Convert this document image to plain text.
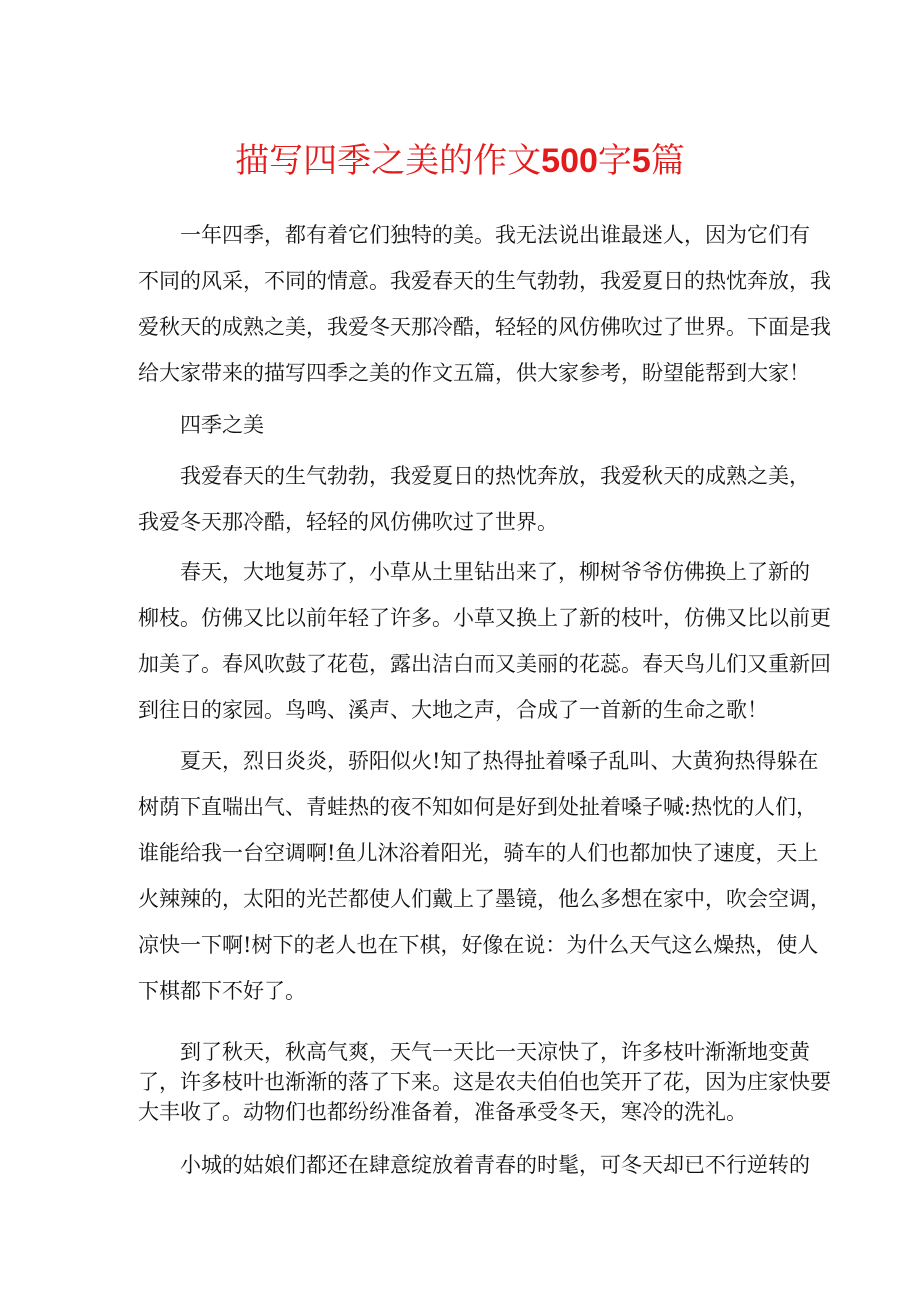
描写四季之美的作文500字5篇
一年四季，都有着它们独特的美。我无法说出谁最迷人，因为它们有
不同的风采，不同的情意。我爱春天的生气勃勃，我爱夏日的热忱奔放，我
爱秋天的成熟之美，我爱冬天那冷酷，轻轻的风仿佛吹过了世界。下面是我
给大家带来的描写四季之美的作文五篇，供大家参考，盼望能帮到大家！
四季之美
我爱春天的生气勃勃，我爱夏日的热忱奔放，我爱秋天的成熟之美，
我爱冬天那冷酷，轻轻的风仿佛吹过了世界。
春天，大地复苏了，小草从土里钻出来了，柳树爷爷仿佛换上了新的
柳枝。仿佛又比以前年轻了许多。小草又换上了新的枝叶，仿佛又比以前更
加美了。春风吹鼓了花苞，露出洁白而又美丽的花蕊。春天鸟儿们又重新回
到往日的家园。鸟鸣、溪声、大地之声，合成了一首新的生命之歌！
夏天，烈日炎炎，骄阳似火!知了热得扯着嗓子乱叫、大黄狗热得躲在
树荫下直喘出气、青蛙热的夜不知如何是好到处扯着嗓子喊:热忱的人们，
谁能给我一台空调啊!鱼儿沐浴着阳光，骑车的人们也都加快了速度，天上
火辣辣的，太阳的光芒都使人们戴上了墨镜，他么多想在家中，吹会空调，
凉快一下啊!树下的老人也在下棋，好像在说：为什么天气这么燥热，使人
下棋都下不好了。
到了秋天，秋高气爽，天气一天比一天凉快了，许多枝叶渐渐地变黄
了，许多枝叶也渐渐的落了下来。这是农夫伯伯也笑开了花，因为庄家快要
大丰收了。动物们也都纷纷准备着，准备承受冬天，寒冷的洗礼。
小城的姑娘们都还在肆意绽放着青春的时髦，可冬天却已不行逆转的
